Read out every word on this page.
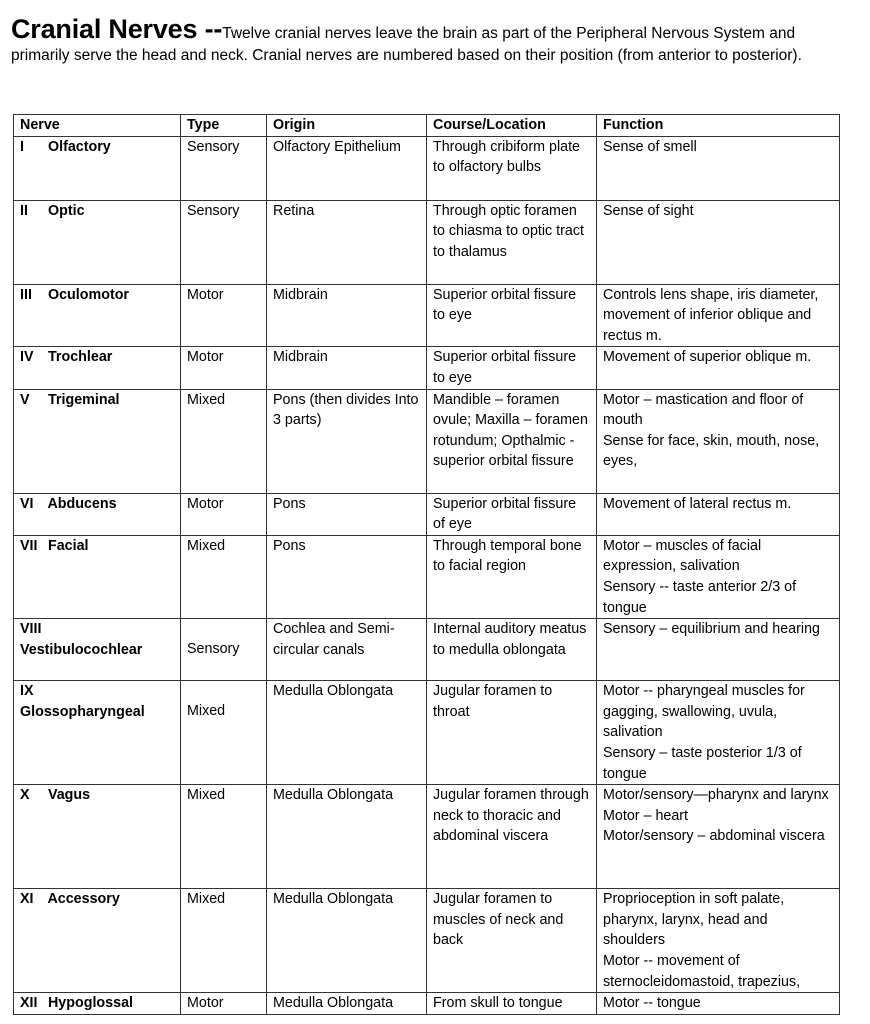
Cranial Nerves --Twelve cranial nerves leave the brain as part of the Peripheral Nervous System and primarily serve the head and neck. Cranial nerves are numbered based on their position (from anterior to posterior).
Nerve	Type	Origin	Course/Location	Function
I Olfactory	Sensory	Olfactory Epithelium	Through cribiform plate to olfactory bulbs	Sense of smell
II Optic	Sensory	Retina	Through optic foramen to chiasma to optic tract to thalamus	Sense of sight
III Oculomotor	Motor	Midbrain	Superior orbital fissure to eye	Controls lens shape, iris diameter, movement of inferior oblique and rectus m.
IV Trochlear	Motor	Midbrain	Superior orbital fissure to eye	Movement of superior oblique m.
V Trigeminal	Mixed	Pons (then divides Into 3 parts)	Mandible – foramen ovule; Maxilla – foramen rotundum; Opthalmic - superior orbital fissure	Motor – mastication and floor of mouth
Sense for face, skin, mouth, nose, eyes,
VI Abducens	Motor	Pons	Superior orbital fissure of eye	Movement of lateral rectus m.
VII Facial	Mixed	Pons	Through temporal bone to facial region	Motor – muscles of facial expression, salivation
Sensory -- taste anterior 2/3 of tongue
VIII
Vestibulocochlear	Sensory	Cochlea and Semi-circular canals	Internal auditory meatus to medulla oblongata	Sensory – equilibrium and hearing
IX
Glossopharyngeal	Mixed	Medulla Oblongata	Jugular foramen to throat	Motor -- pharyngeal muscles for gagging, swallowing, uvula, salivation
Sensory – taste posterior 1/3 of tongue
X Vagus	Mixed	Medulla Oblongata	Jugular foramen through neck to thoracic and abdominal viscera	Motor/sensory—pharynx and larynx
Motor – heart
Motor/sensory – abdominal viscera
XI Accessory	Mixed	Medulla Oblongata	Jugular foramen to muscles of neck and back	Proprioception in soft palate, pharynx, larynx, head and shoulders
Motor -- movement of sternocleidomastoid, trapezius,
XII Hypoglossal	Motor	Medulla Oblongata	From skull to tongue	Motor -- tongue
